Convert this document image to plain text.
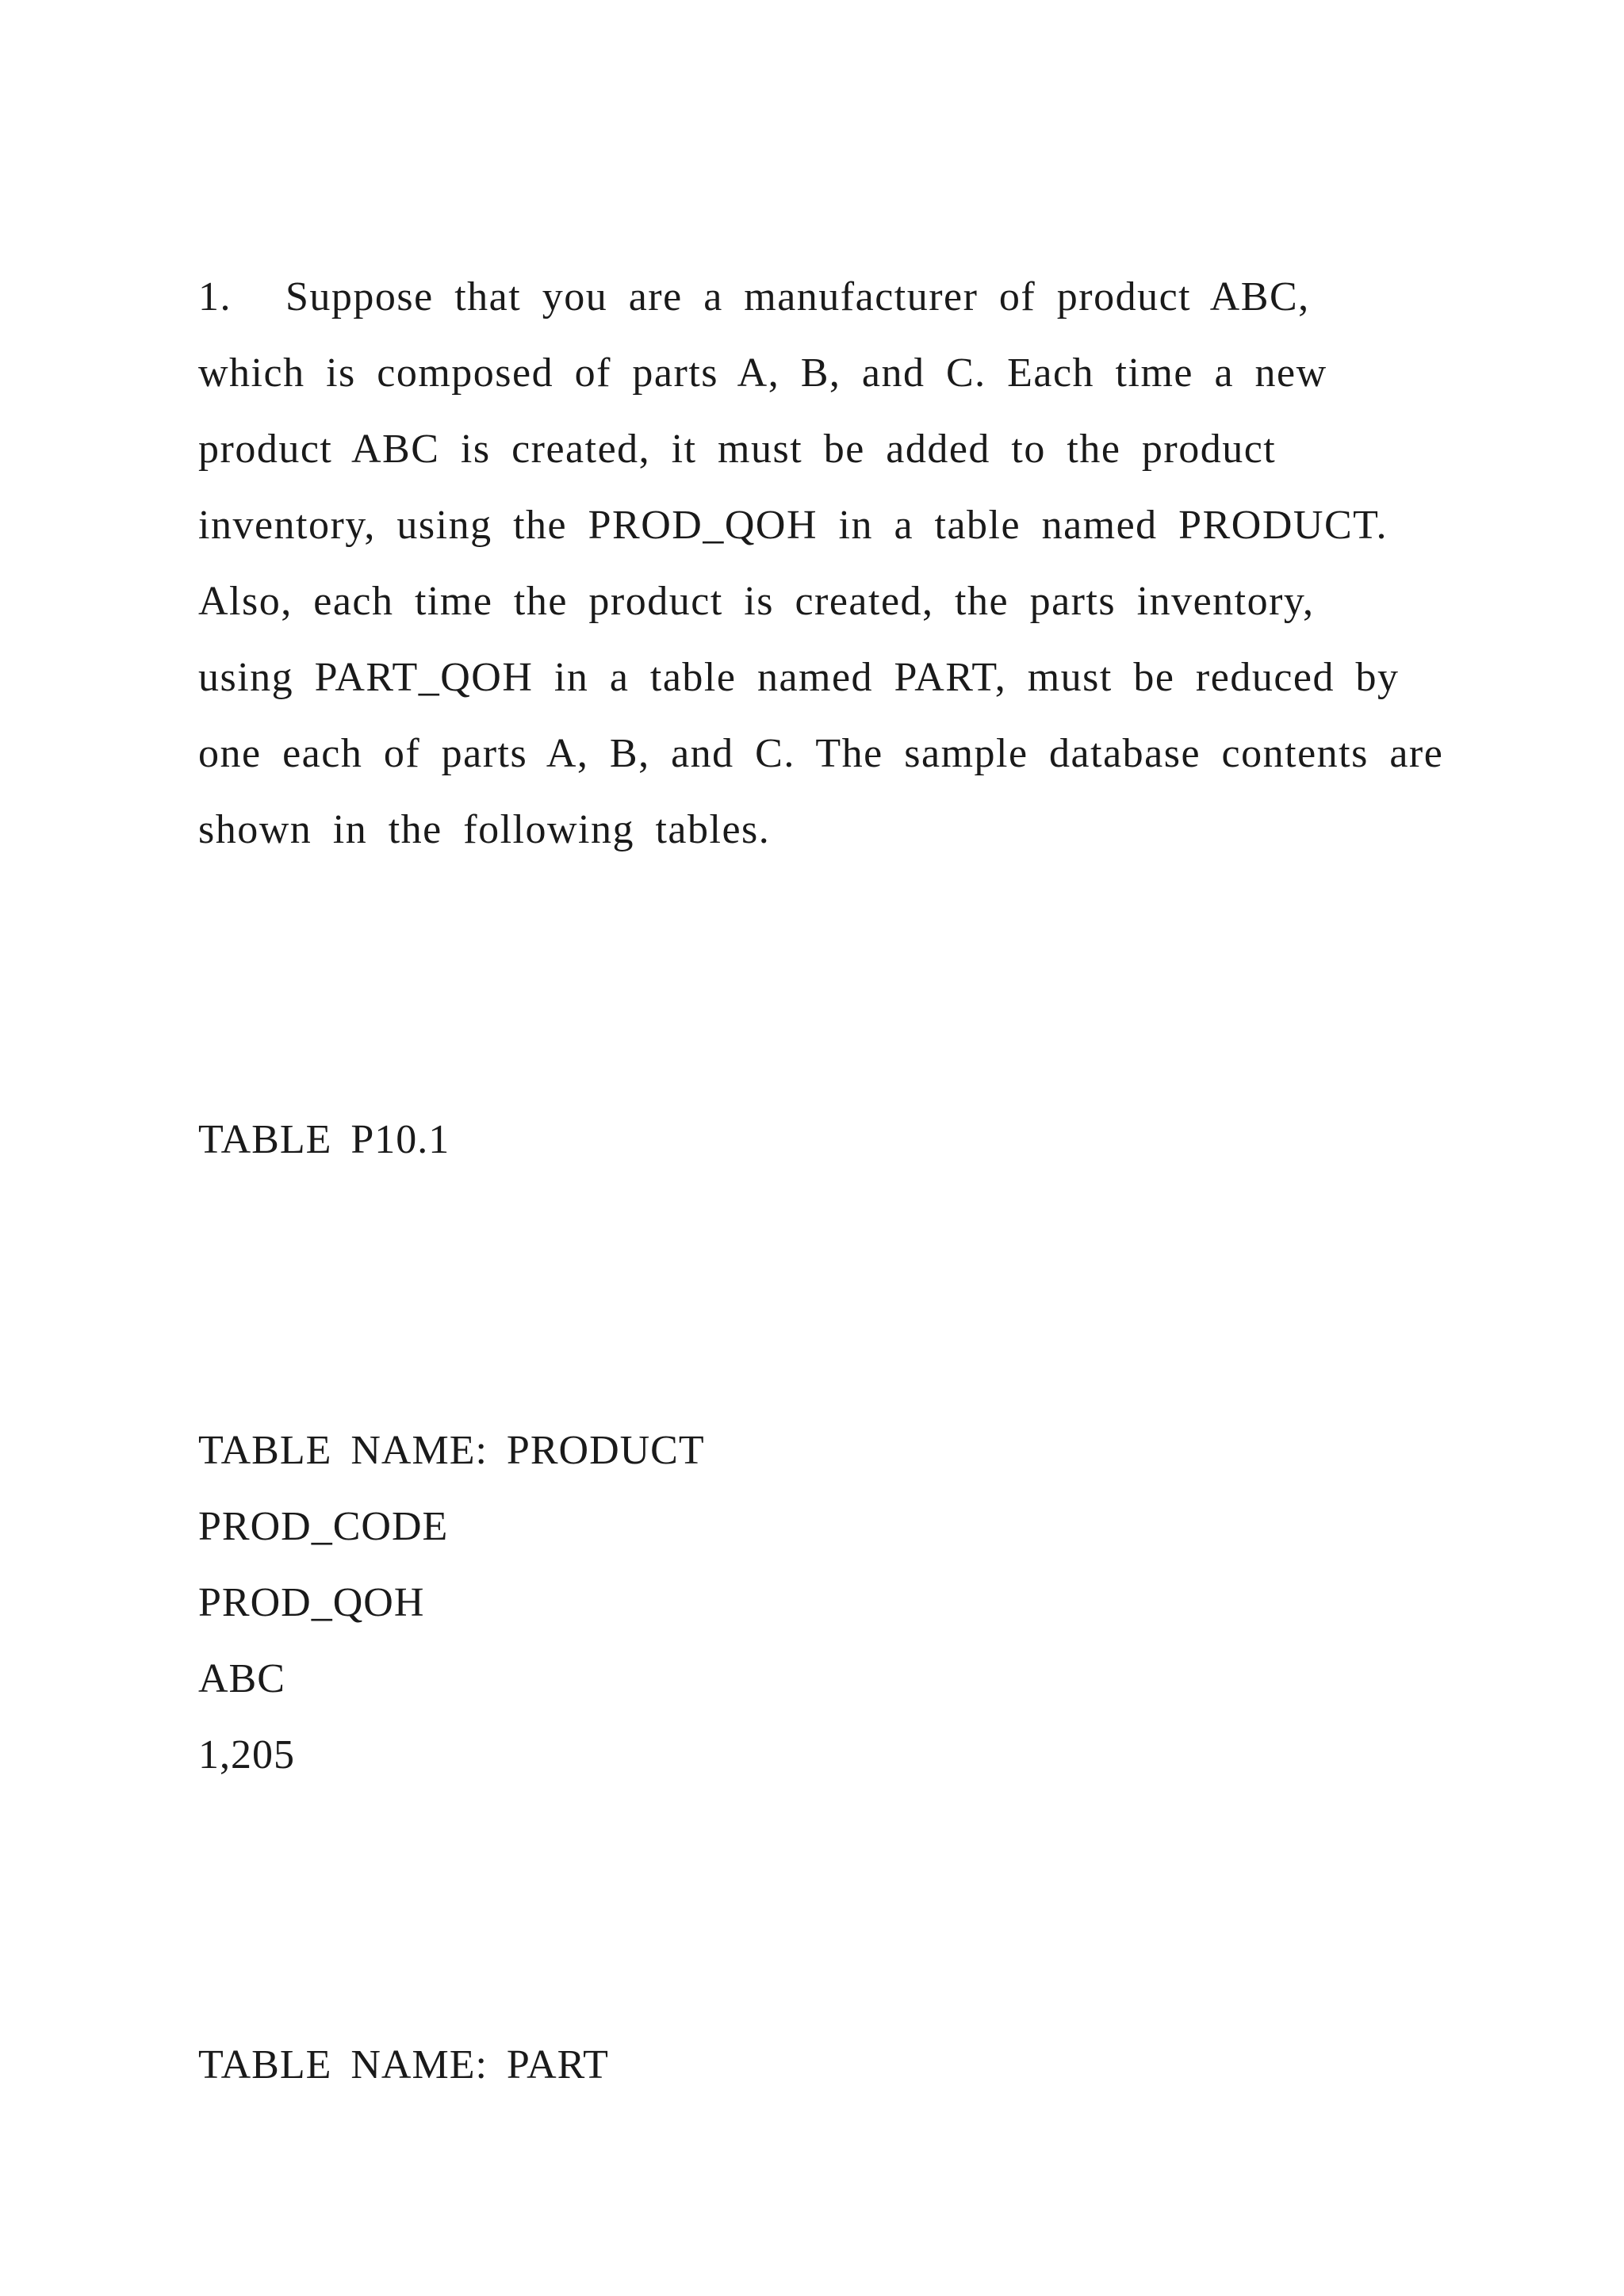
1. Suppose that you are a manufacturer of product ABC,
which is composed of parts A, B, and C. Each time a new
product ABC is created, it must be added to the product
inventory, using the PROD_QOH in a table named PRODUCT.
Also, each time the product is created, the parts inventory,
using PART_QOH in a table named PART, must be reduced by
one each of parts A, B, and C. The sample database contents are
shown in the following tables.
TABLE P10.1
TABLE NAME: PRODUCT
PROD_CODE
PROD_QOH
ABC
1,205
TABLE NAME: PART
